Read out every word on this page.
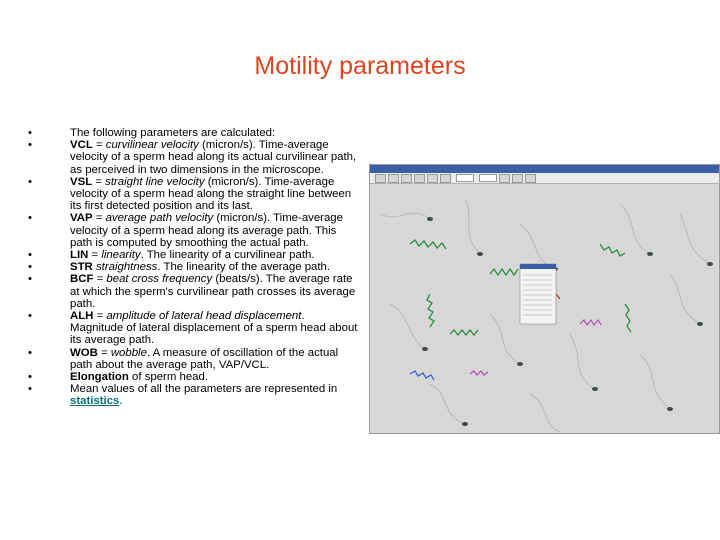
Motility parameters
•	The following parameters are calculated:
•	VCL = curvilinear velocity (micron/s). Time-average velocity of a sperm head along its actual curvilinear path, as perceived in two dimensions in the microscope.
•	VSL = straight line velocity (micron/s). Time-average velocity of a sperm head along the straight line between its first detected position and its last.
•	VAP = average path velocity (micron/s). Time-average velocity of a sperm head along its average path. This path is computed by smoothing the actual path.
•	LIN = linearity. The linearity of a curvilinear path.
•	STR straightness. The linearity of the average path.
•	BCF = beat cross frequency (beats/s). The average rate at which the sperm's curvilinear path crosses its average path.
•	ALH = amplitude of lateral head displacement. Magnitude of lateral displacement of a sperm head about its average path.
•	WOB = wobble. A measure of oscillation of the actual path about the average path, VAP/VCL.
•	Elongation of sperm head.
•	Mean values of all the parameters are represented in statistics.
